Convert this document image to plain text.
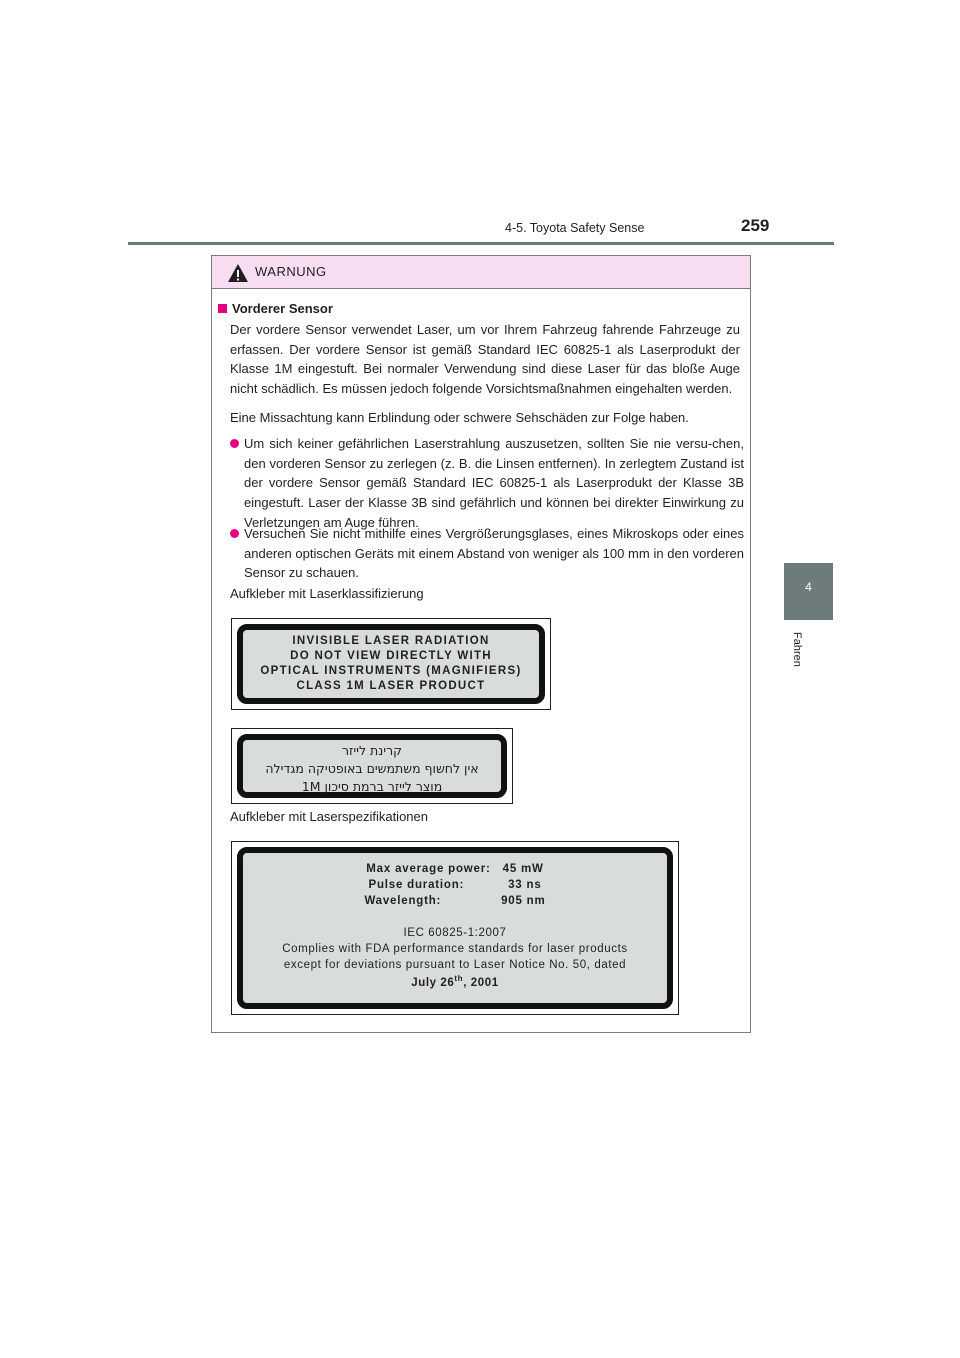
4-5. Toyota Safety Sense	259
4
Fahren
WARNUNG
Vorderer Sensor
Der vordere Sensor verwendet Laser, um vor Ihrem Fahrzeug fahrende Fahrzeuge zu erfassen. Der vordere Sensor ist gemäß Standard IEC 60825-1 als Laserprodukt der Klasse 1M eingestuft. Bei normaler Verwendung sind diese Laser für das bloße Auge nicht schädlich. Es müssen jedoch folgende Vorsichtsmaßnahmen eingehalten werden.
Eine Missachtung kann Erblindung oder schwere Sehschäden zur Folge haben.
Um sich keiner gefährlichen Laserstrahlung auszusetzen, sollten Sie nie versu-chen, den vorderen Sensor zu zerlegen (z. B. die Linsen entfernen). In zerlegtem Zustand ist der vordere Sensor gemäß Standard IEC 60825-1 als Laserprodukt der Klasse 3B eingestuft. Laser der Klasse 3B sind gefährlich und können bei direkter Einwirkung zu Verletzungen am Auge führen.
Versuchen Sie nicht mithilfe eines Vergrößerungsglases, eines Mikroskops oder eines anderen optischen Geräts mit einem Abstand von weniger als 100 mm in den vorderen Sensor zu schauen.
Aufkleber mit Laserklassifizierung
INVISIBLE LASER RADIATION
DO NOT VIEW DIRECTLY WITH
OPTICAL INSTRUMENTS (MAGNIFIERS)
CLASS 1M LASER PRODUCT
קרינת לייזר
אין לחשוף משתמשים באופטיקה מגדילה
מוצר לייזר ברמת סיכון 1M
Aufkleber mit Laserspezifikationen
Max average power:   45 mW
Pulse duration:           33 ns
Wavelength:               905 nm
IEC 60825-1:2007
Complies with FDA performance standards for laser products
except for deviations pursuant to Laser Notice No. 50, dated
July 26th, 2001
